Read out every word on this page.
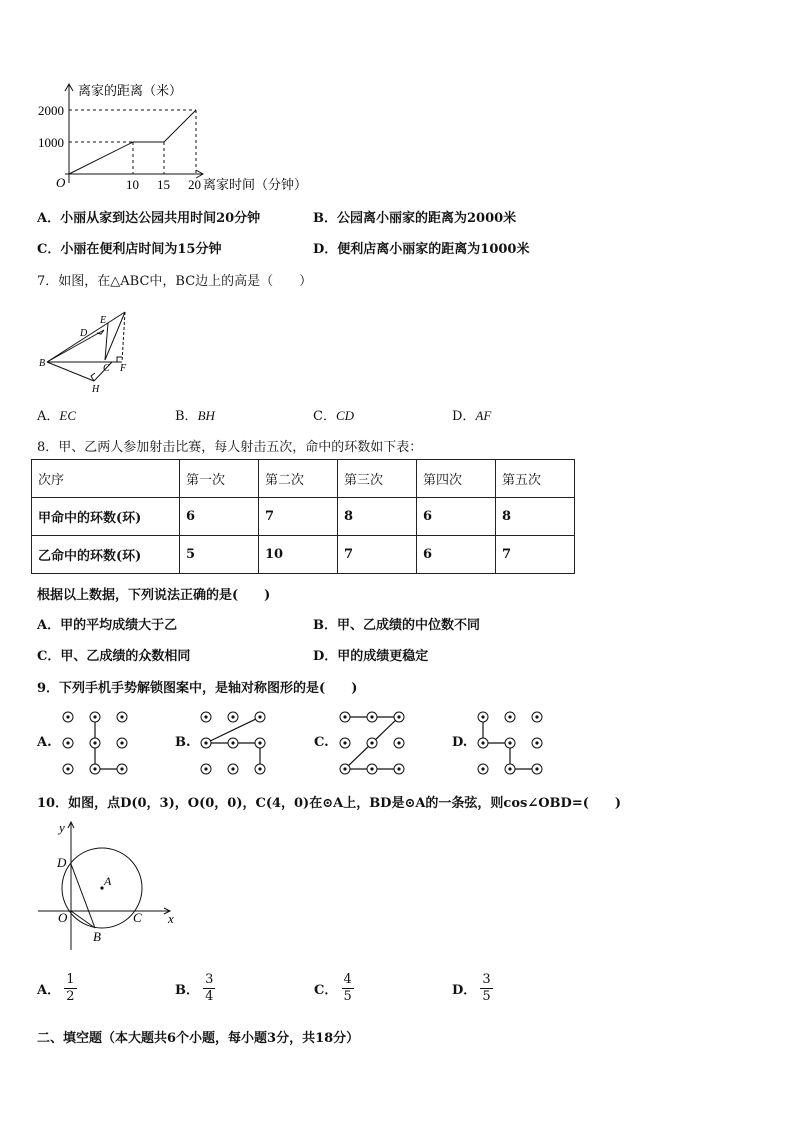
离家的距离（米）
2000
1000
O	10 15 20 离家时间（分钟）
A．小丽从家到达公园共用时间20分钟	B．公园离小丽家的距离为2000米
C．小丽在便利店时间为15分钟	D．便利店离小丽家的距离为1000米
7．如图，在△ABC中，BC边上的高是（　　）
E
D
B	C F
H
A．EC	B．BH	C．CD	D．AF
8．甲、乙两人参加射击比赛，每人射击五次，命中的环数如下表：
次序	第一次	第二次	第三次	第四次	第五次
甲命中的环数(环)	6	7	8	6	8
乙命中的环数(环)	5	10	7	6	7
根据以上数据，下列说法正确的是(　　)
A．甲的平均成绩大于乙	B．甲、乙成绩的中位数不同
C．甲、乙成绩的众数相同	D．甲的成绩更稳定
9．下列手机手势解锁图案中，是轴对称图形的是(　　)
A.	B.	C.	D.
10．如图，点D(0，3)，O(0，0)，C(4，0)在⊙A上，BD是⊙A的一条弦，则cos∠OBD=(　　)
y
D
A
O	C x
B
A． $\frac{1}{2}$	B． $\frac{3}{4}$	C． $\frac{4}{5}$	D． $\frac{3}{5}$
二、填空题（本大题共6个小题，每小题3分，共18分）
